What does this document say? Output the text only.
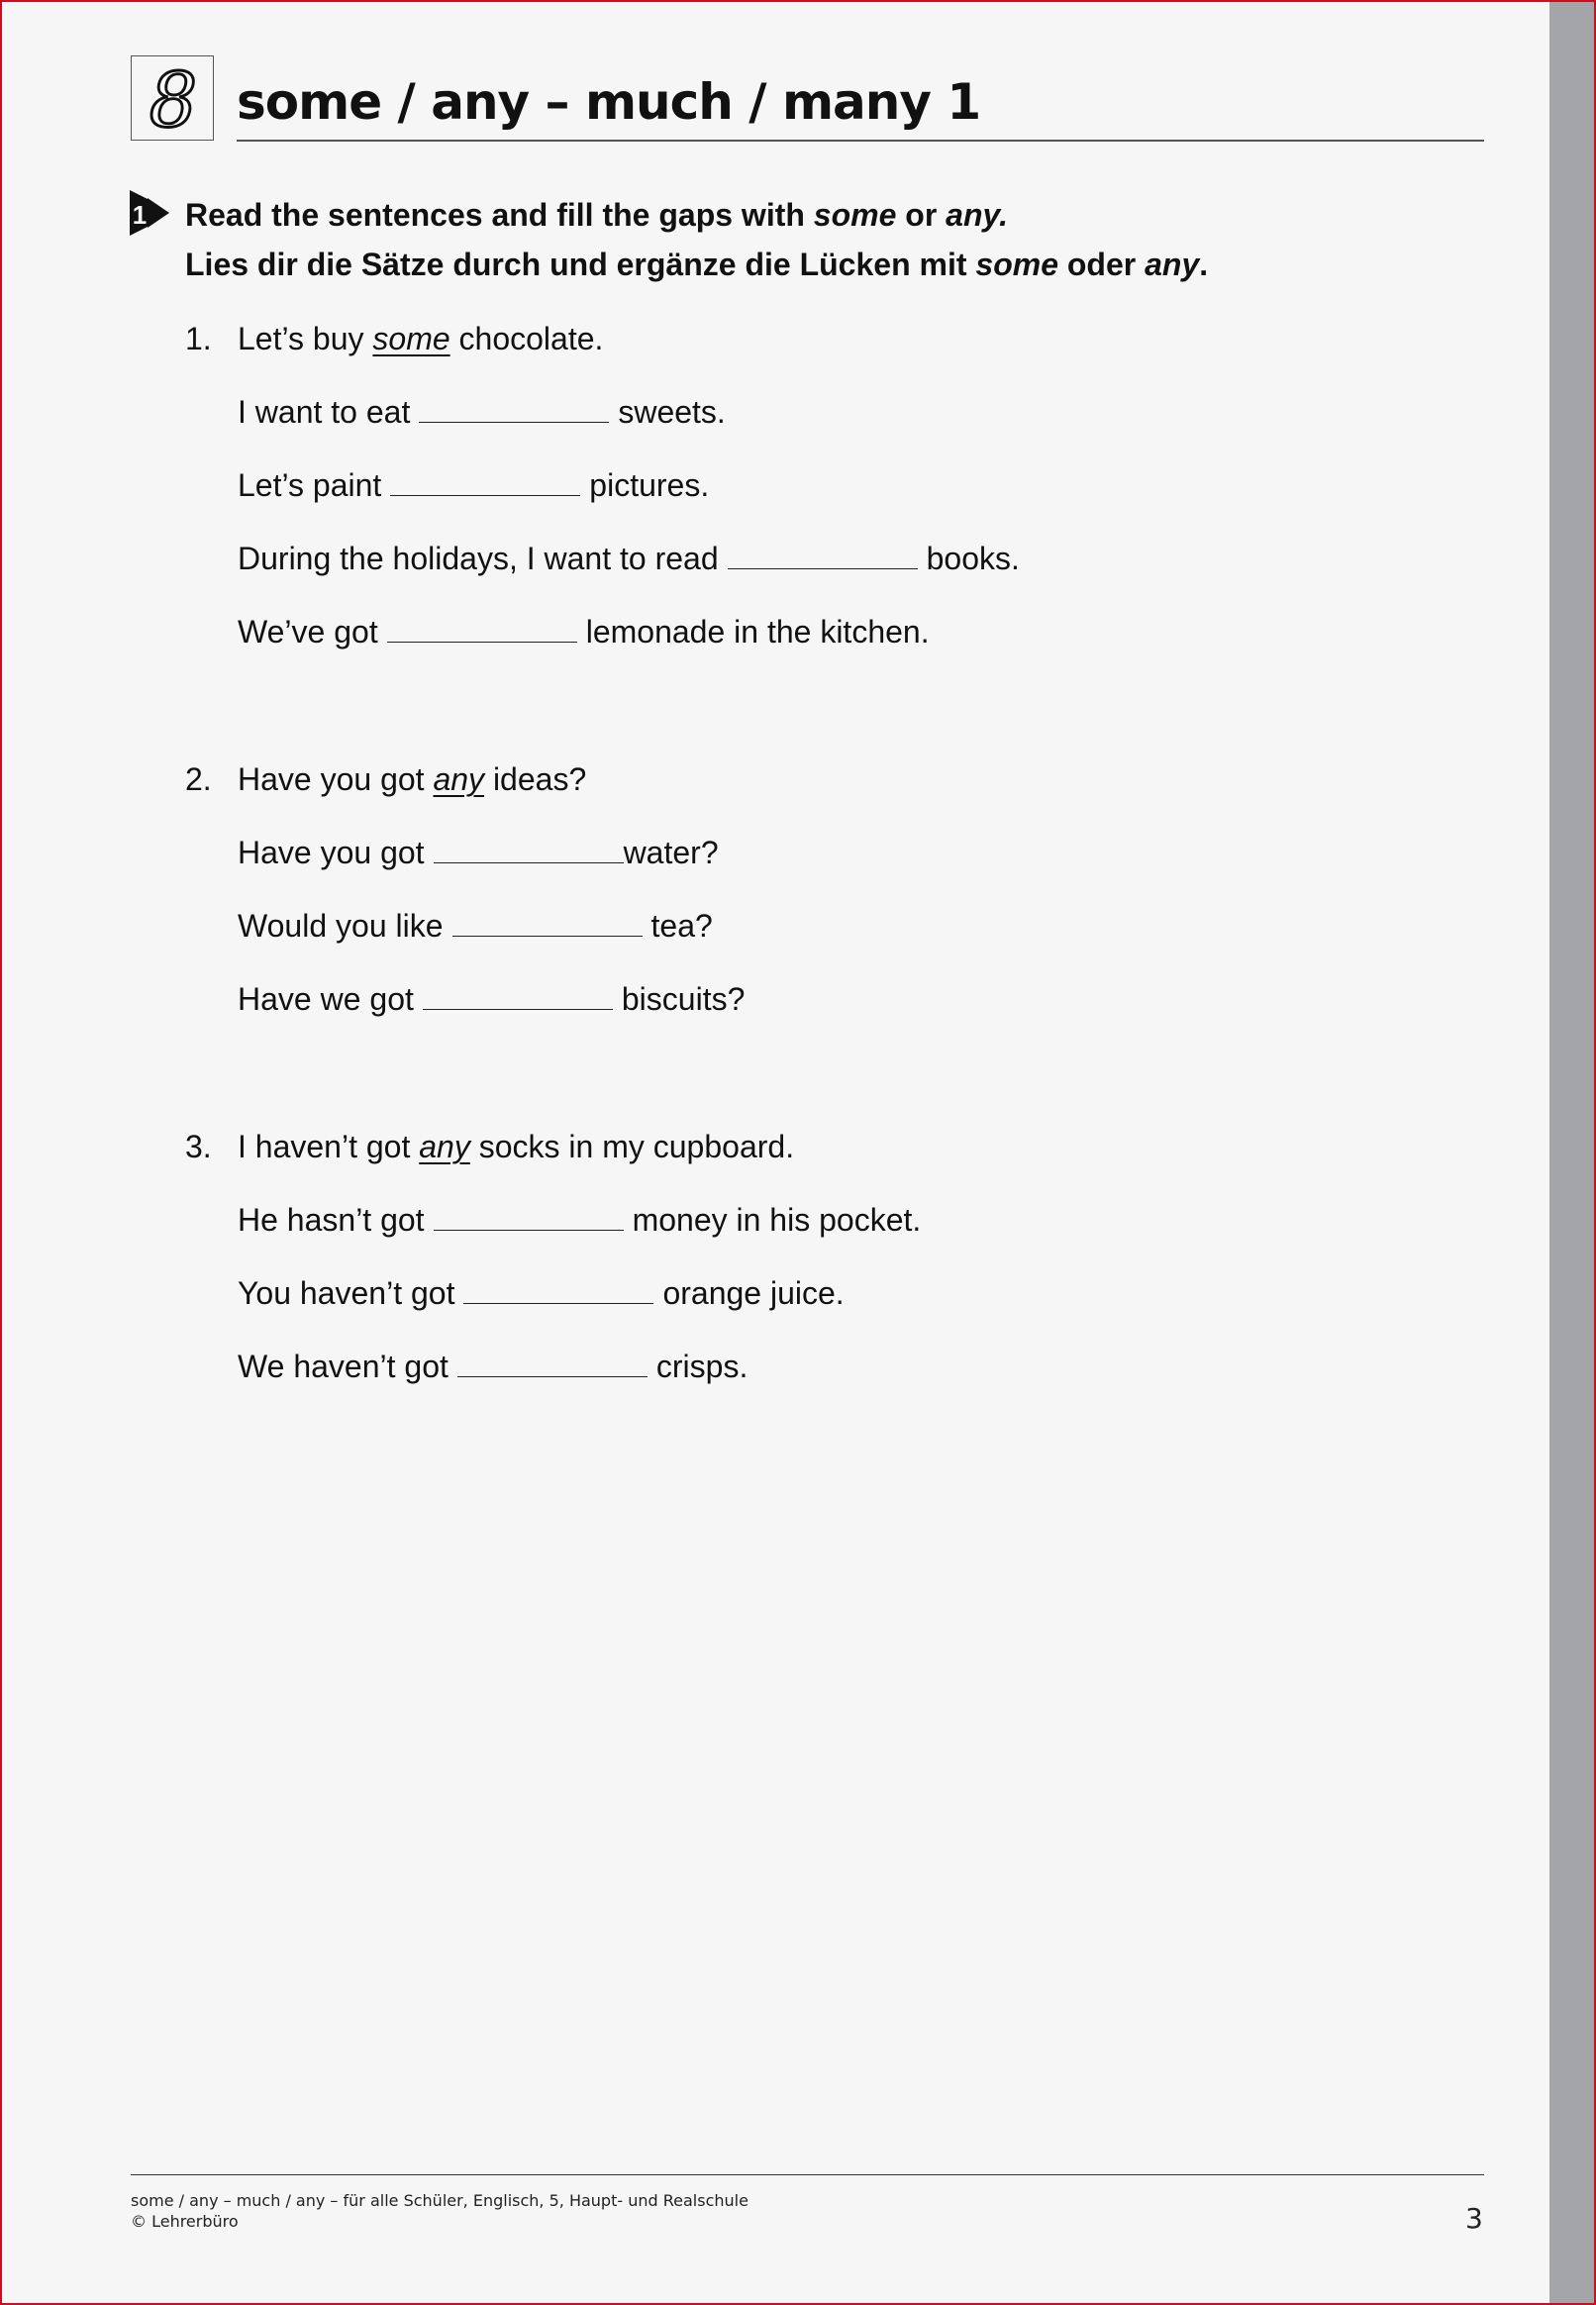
8 some / any – much / many 1
1 Read the sentences and fill the gaps with some or any.
Lies dir die Sätze durch und ergänze die Lücken mit some oder any.
1. Let’s buy some chocolate.
I want to eat	sweets.
Let’s paint	pictures.
During the holidays, I want to read	books.
We’ve got	lemonade in the kitchen.
2. Have you got any ideas?
Have you got	water?
Would you like	tea?
Have we got	biscuits?
3. I haven’t got any socks in my cupboard.
He hasn’t got	money in his pocket.
You haven’t got	orange juice.
We haven’t got	crisps.
some / any – much / any – für alle Schüler, Englisch, 5, Haupt- und Realschule
© Lehrerbüro	3
